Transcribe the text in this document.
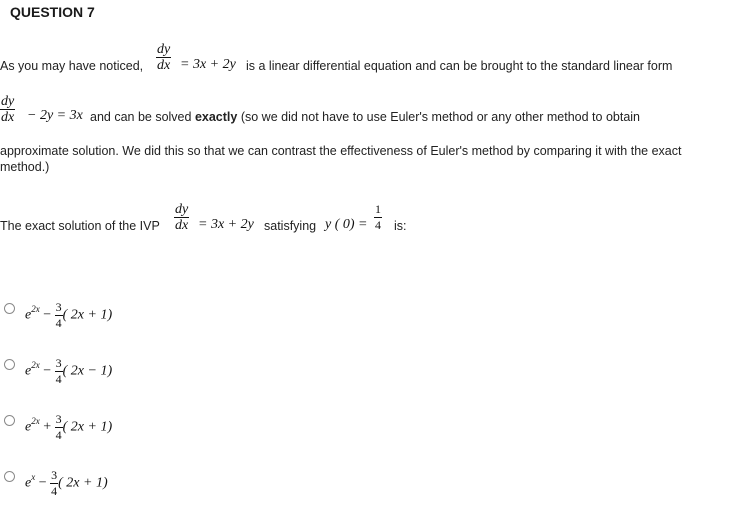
QUESTION 7
As you may have noticed, $\frac{dy}{dx} = 3x + 2y$ is a linear differential equation and can be brought to the standard linear form
$\frac{dy}{dx} - 2y = 3x$ and can be solved exactly (so we did not have to use Euler's method or any other method to obtain
approximate solution. We did this so that we can contrast the effectiveness of Euler's method by comparing it with the exact method.)
The exact solution of the IVP $\frac{dy}{dx} = 3x + 2y$ satisfying y ( $0) = \frac{1}{4}$ is:
$e^{2x} - \frac{3}{4}$ ( 2x + 1)
$e^{2x} - \frac{3}{4}$ ( 2x − 1)
$e^{2x} + \frac{3}{4}$ ( 2x + 1)
$e^x - \frac{3}{4}$ ( 2x + 1)
